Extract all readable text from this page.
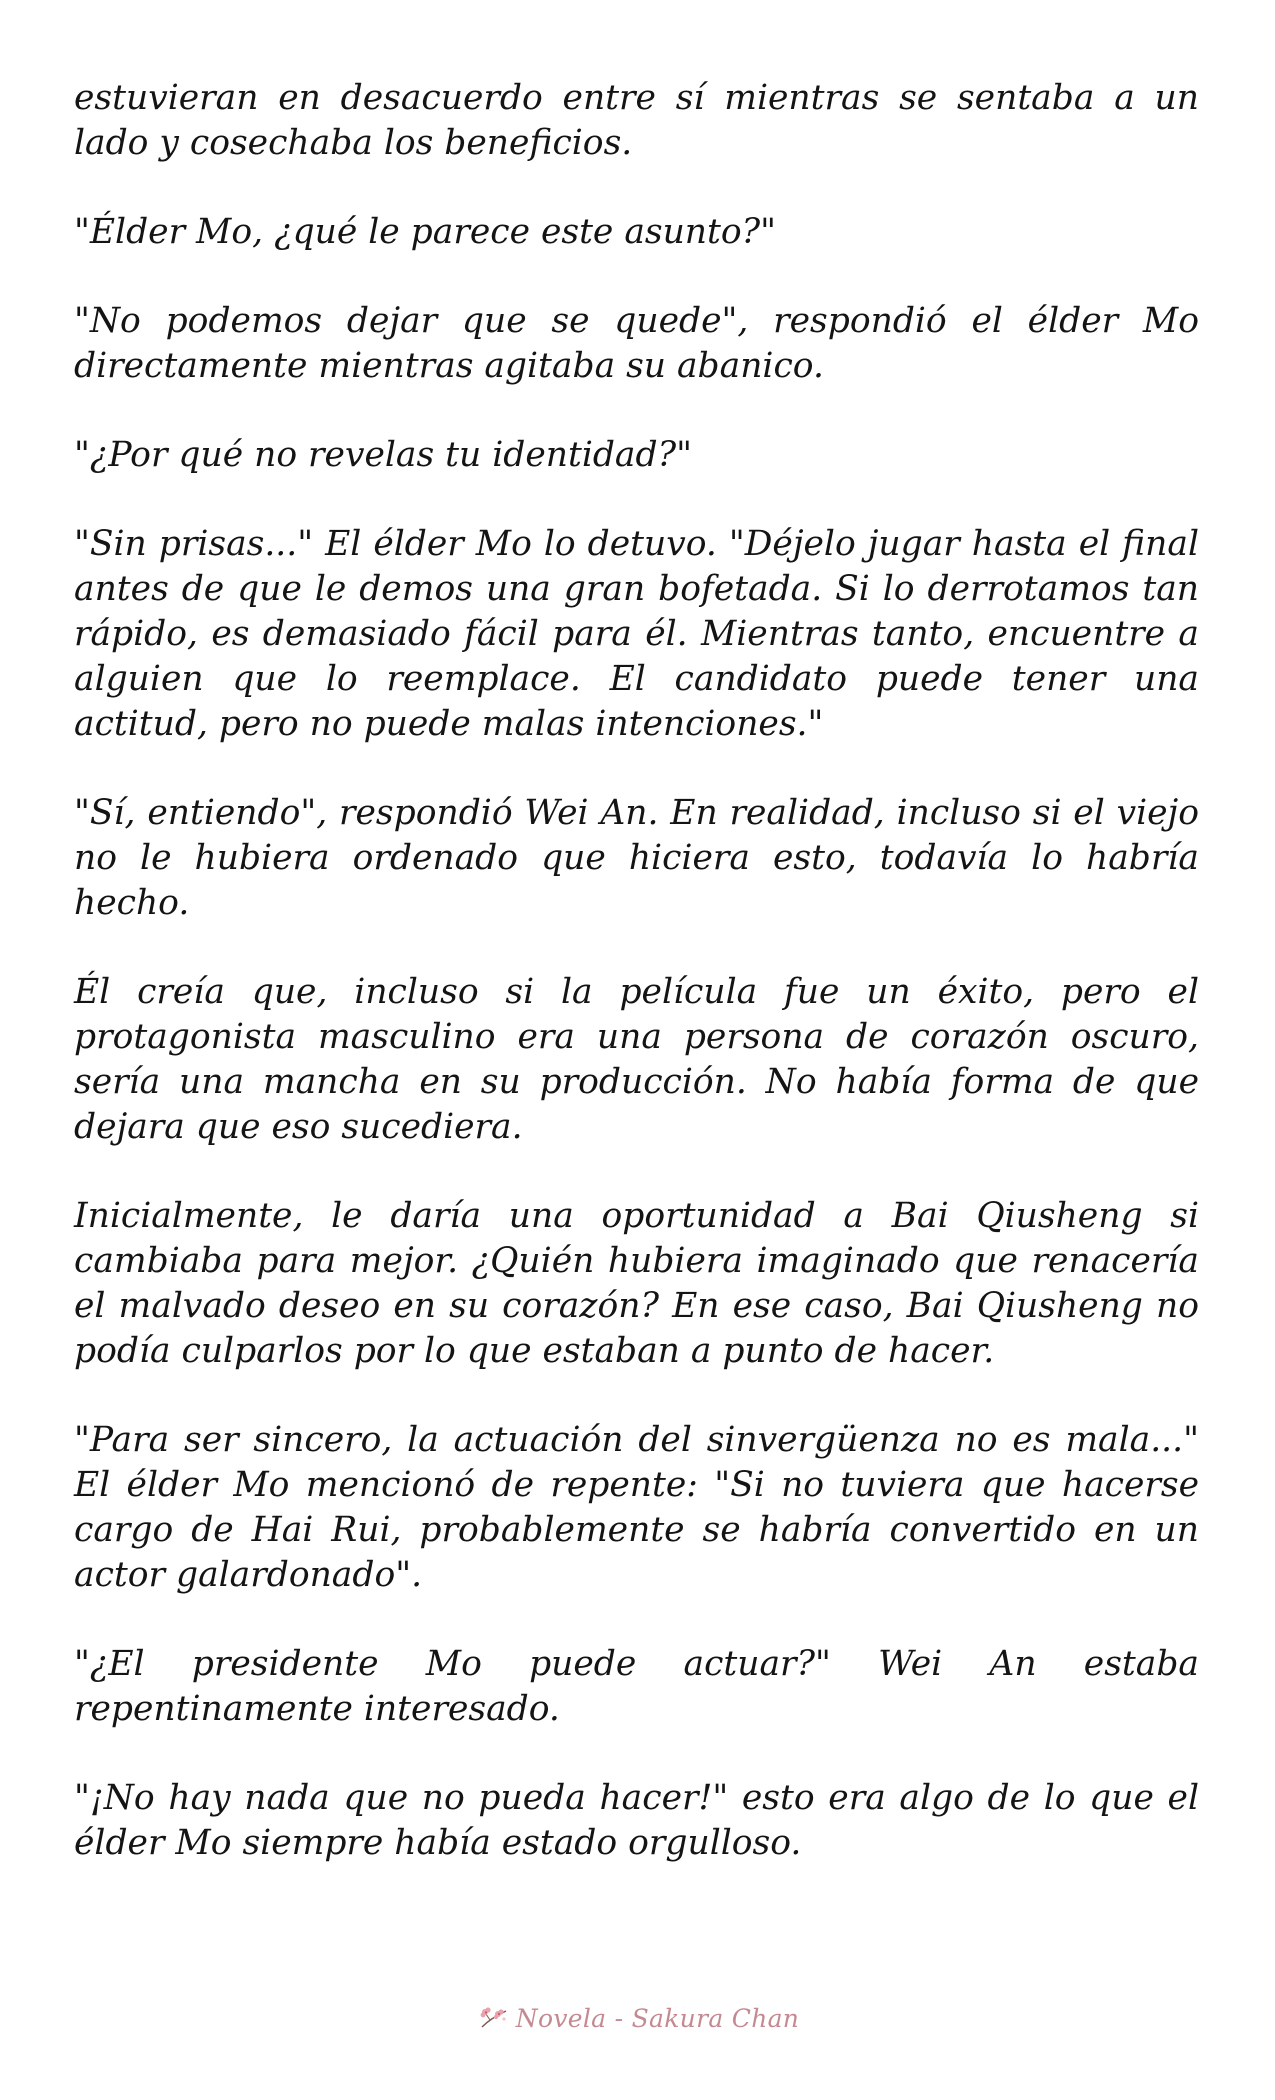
estuvieran en desacuerdo entre sí mientras se sentaba a un lado y cosechaba los beneficios.

"Élder Mo, ¿qué le parece este asunto?"

"No podemos dejar que se quede", respondió el élder Mo directamente mientras agitaba su abanico.

"¿Por qué no revelas tu identidad?"

"Sin prisas..." El élder Mo lo detuvo. "Déjelo jugar hasta el final antes de que le demos una gran bofetada. Si lo derrotamos tan rápido, es demasiado fácil para él. Mientras tanto, encuentre a alguien que lo reemplace. El candidato puede tener una actitud, pero no puede malas intenciones."

"Sí, entiendo", respondió Wei An. En realidad, incluso si el viejo no le hubiera ordenado que hiciera esto, todavía lo habría hecho.

Él creía que, incluso si la película fue un éxito, pero el protagonista masculino era una persona de corazón oscuro, sería una mancha en su producción. No había forma de que dejara que eso sucediera.

Inicialmente, le daría una oportunidad a Bai Qiusheng si cambiaba para mejor. ¿Quién hubiera imaginado que renacería el malvado deseo en su corazón? En ese caso, Bai Qiusheng no podía culparlos por lo que estaban a punto de hacer.

"Para ser sincero, la actuación del sinvergüenza no es mala..." El élder Mo mencionó de repente: "Si no tuviera que hacerse cargo de Hai Rui, probablemente se habría convertido en un actor galardonado".

"¿El presidente Mo puede actuar?" Wei An estaba repentinamente interesado.

"¡No hay nada que no pueda hacer!" esto era algo de lo que el élder Mo siempre había estado orgulloso.

Novela - Sakura Chan
